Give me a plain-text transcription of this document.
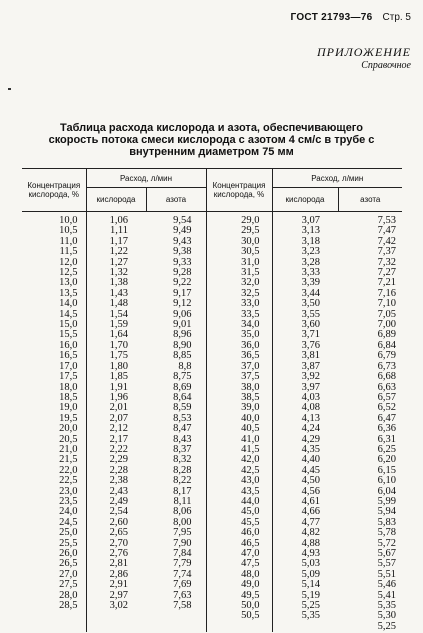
ГОСТ 21793—76 Стр. 5
ПРИЛОЖЕНИЕ
Справочное
Таблица расхода кислорода и азота, обеспечивающего
скорость потока смеси кислорода с азотом 4 см/с в трубе с
внутренним диаметром 75 мм
Концентрация кислорода, %	Расход, л/мин		Концентрация кислорода, %	Расход, л/мин	
	кислорода	азота		кислорода	азота
10,0	1,06	9,54	29,0	3,07	7,53
10,5	1,11	9,49	29,5	3,13	7,47
11,0	1,17	9,43	30,0	3,18	7,42
11,5	1,22	9,38	30,5	3,23	7,37
12,0	1,27	9,33	31,0	3,28	7,32
12,5	1,32	9,28	31,5	3,33	7,27
13,0	1,38	9,22	32,0	3,39	7,21
13,5	1,43	9,17	32,5	3,44	7,16
14,0	1,48	9,12	33,0	3,50	7,10
14,5	1,54	9,06	33,5	3,55	7,05
15,0	1,59	9,01	34,0	3,60	7,00
15,5	1,64	8,96	35,0	3,71	6,89
16,0	1,70	8,90	36,0	3,76	6,84
16,5	1,75	8,85	36,5	3,81	6,79
17,0	1,80	8,8	37,0	3,87	6,73
17,5	1,85	8,75	37,5	3,92	6,68
18,0	1,91	8,69	38,0	3,97	6,63
18,5	1,96	8,64	38,5	4,03	6,57
19,0	2,01	8,59	39,0	4,08	6,52
19,5	2,07	8,53	40,0	4,13	6,47
20,0	2,12	8,47	40,5	4,24	6,36
20,5	2,17	8,43	41,0	4,29	6,31
21,0	2,22	8,37	41,5	4,35	6,25
21,5	2,29	8,32	42,0	4,40	6,20
22,0	2,28	8,28	42,5	4,45	6,15
22,5	2,38	8,22	43,0	4,50	6,10
23,0	2,43	8,17	43,5	4,56	6,04
23,5	2,49	8,11	44,0	4,61	5,99
24,0	2,54	8,06	45,0	4,66	5,94
24,5	2,60	8,00	45,5	4,77	5,83
25,0	2,65	7,95	46,0	4,82	5,78
25,5	2,70	7,90	46,5	4,88	5,72
26,0	2,76	7,84	47,0	4,93	5,67
26,5	2,81	7,79	47,5	5,03	5,57
27,0	2,86	7,74	48,0	5,09	5,51
27,5	2,91	7,69	49,0	5,14	5,46
28,0	2,97	7,63	49,5	5,19	5,41
28,5	3,02	7,58	50,0	5,25	5,35
			50,5	5,35	5,30
					5,25
